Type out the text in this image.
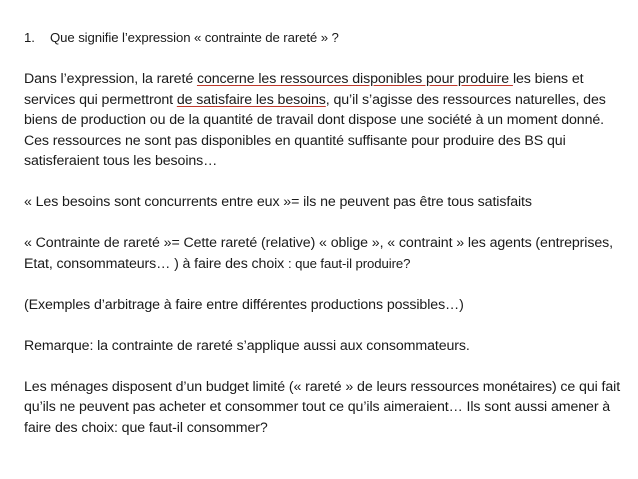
1.	Que signifie l’expression « contrainte de rareté » ?

Dans l’expression, la rareté concerne les ressources disponibles pour produire les biens et services qui permettront de satisfaire les besoins, qu’il s’agisse des ressources naturelles, des biens de production ou de la quantité de travail dont dispose une société à un moment donné. Ces ressources ne sont pas disponibles en quantité suffisante pour produire des BS qui satisferaient tous les besoins…

« Les besoins sont concurrents entre eux »= ils ne peuvent pas être tous satisfaits

« Contrainte de rareté »= Cette rareté (relative) « oblige », « contraint » les agents (entreprises, Etat, consommateurs… ) à faire des choix : que faut-il produire?

(Exemples d’arbitrage à faire entre différentes productions possibles…)

Remarque: la contrainte de rareté s’applique aussi aux consommateurs.

Les ménages disposent d’un budget limité (« rareté » de leurs ressources monétaires) ce qui fait qu’ils ne peuvent pas acheter et consommer tout ce qu’ils aimeraient… Ils sont aussi amener à faire des choix: que faut-il consommer?
